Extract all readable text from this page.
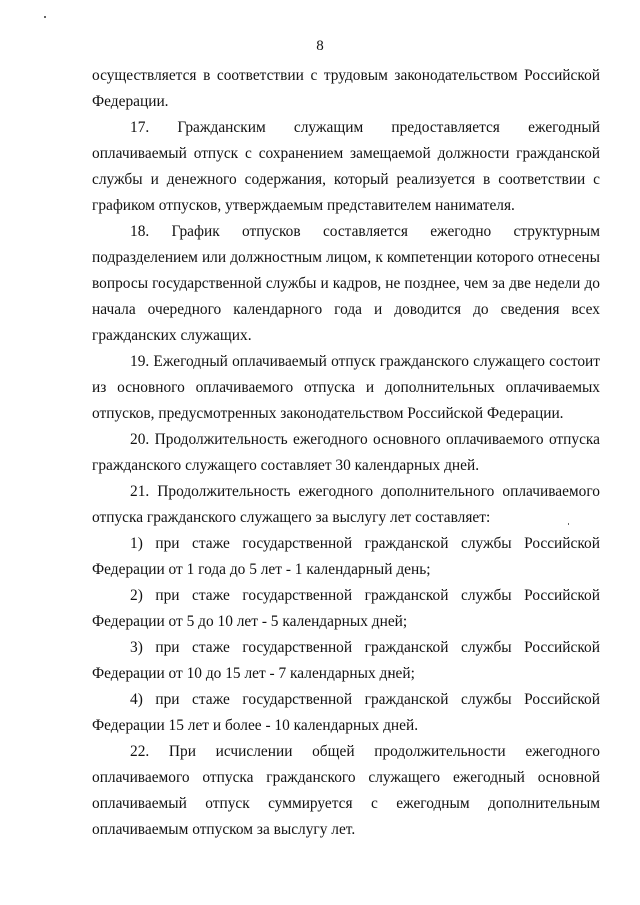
8

осуществляется в соответствии с трудовым законодательством Российской Федерации.

17. Гражданским служащим предоставляется ежегодный оплачиваемый отпуск с сохранением замещаемой должности гражданской службы и денежного содержания, который реализуется в соответствии с графиком отпусков, утверждаемым представителем нанимателя.

18. График отпусков составляется ежегодно структурным подразделением или должностным лицом, к компетенции которого отнесены вопросы государственной службы и кадров, не позднее, чем за две недели до начала очередного календарного года и доводится до сведения всех гражданских служащих.

19. Ежегодный оплачиваемый отпуск гражданского служащего состоит из основного оплачиваемого отпуска и дополнительных оплачиваемых отпусков, предусмотренных законодательством Российской Федерации.

20. Продолжительность ежегодного основного оплачиваемого отпуска гражданского служащего составляет 30 календарных дней.

21. Продолжительность ежегодного дополнительного оплачиваемого отпуска гражданского служащего за выслугу лет составляет:

1) при стаже государственной гражданской службы Российской Федерации от 1 года до 5 лет - 1 календарный день;

2) при стаже государственной гражданской службы Российской Федерации от 5 до 10 лет - 5 календарных дней;

3) при стаже государственной гражданской службы Российской Федерации от 10 до 15 лет - 7 календарных дней;

4) при стаже государственной гражданской службы Российской Федерации 15 лет и более - 10 календарных дней.

22. При исчислении общей продолжительности ежегодного оплачиваемого отпуска гражданского служащего ежегодный основной оплачиваемый отпуск суммируется с ежегодным дополнительным оплачиваемым отпуском за выслугу лет.
